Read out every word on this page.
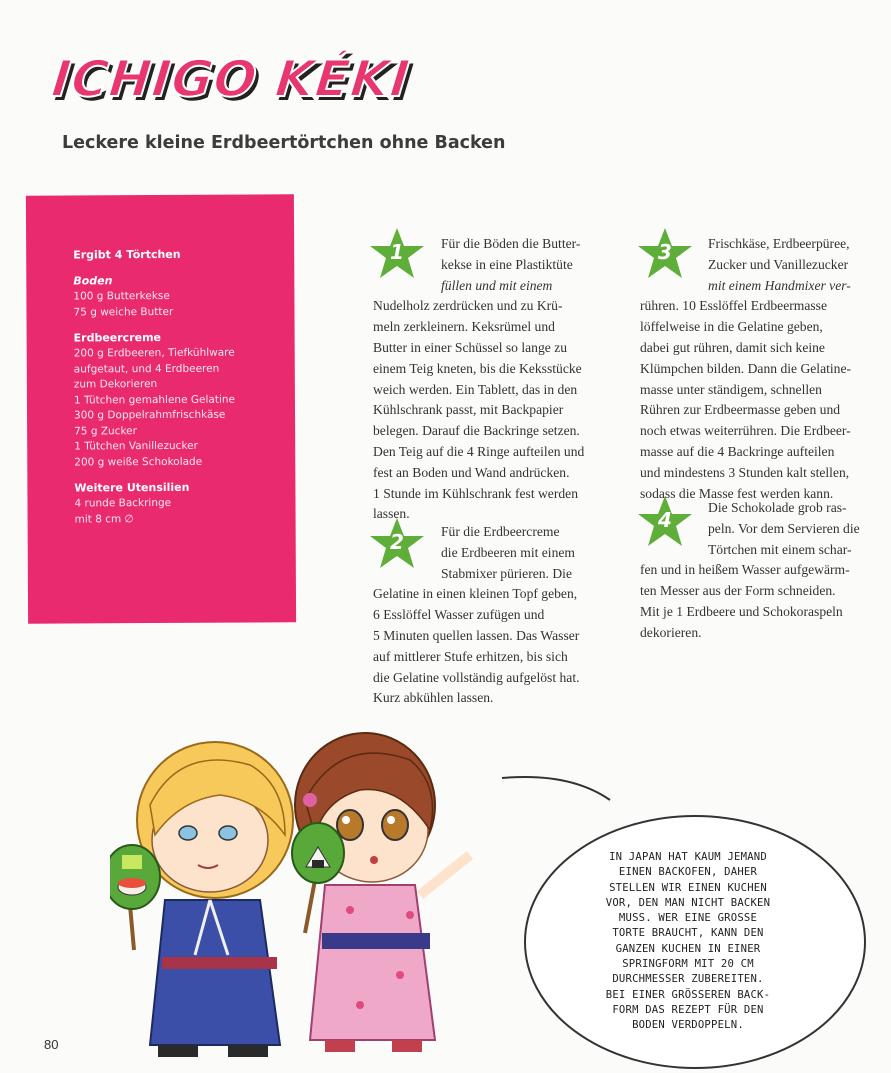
ICHIGO KÉKI
Leckere kleine Erdbeertörtchen ohne Backen
Ergibt 4 Törtchen
Boden
100 g Butterkekse
75 g weiche Butter
Erdbeercreme
200 g Erdbeeren, Tiefkühlware
aufgetaut, und 4 Erdbeeren
zum Dekorieren
1 Tütchen gemahlene Gelatine
300 g Doppelrahmfrischkäse
75 g Zucker
1 Tütchen Vanillezucker
200 g weiße Schokolade
Weitere Utensilien
4 runde Backringe
mit 8 cm ∅
1	Für die Böden die Butter-
kekse in eine Plastiktüte
füllen und mit einem
Nudelholz zerdrücken und zu Krü-
meln zerkleinern. Keksrümel und
Butter in einer Schüssel so lange zu
einem Teig kneten, bis die Keksstücke
weich werden. Ein Tablett, das in den
Kühlschrank passt, mit Backpapier
belegen. Darauf die Backringe setzen.
Den Teig auf die 4 Ringe aufteilen und
fest an Boden und Wand andrücken.
1 Stunde im Kühlschrank fest werden
lassen.
2	Für die Erdbeercreme
die Erdbeeren mit einem
Stabmixer pürieren. Die
Gelatine in einen kleinen Topf geben,
6 Esslöffel Wasser zufügen und
5 Minuten quellen lassen. Das Wasser
auf mittlerer Stufe erhitzen, bis sich
die Gelatine vollständig aufgelöst hat.
Kurz abkühlen lassen.
3	Frischkäse, Erdbeerpüree,
Zucker und Vanillezucker
mit einem Handmixer ver-
rühren. 10 Esslöffel Erdbeermasse
löffelweise in die Gelatine geben,
dabei gut rühren, damit sich keine
Klümpchen bilden. Dann die Gelatine-
masse unter ständigem, schnellen
Rühren zur Erdbeermasse geben und
noch etwas weiterrühren. Die Erdbeer-
masse auf die 4 Backringe aufteilen
und mindestens 3 Stunden kalt stellen,
sodass die Masse fest werden kann.
4
Die Schokolade grob ras-
peln. Vor dem Servieren die
Törtchen mit einem schar-
fen und in heißem Wasser aufgewärm-
ten Messer aus der Form schneiden.
Mit je 1 Erdbeere und Schokoraspeln
dekorieren.
IN JAPAN HAT KAUM JEMAND
EINEN BACKOFEN, DAHER
STELLEN WIR EINEN KUCHEN
VOR, DEN MAN NICHT BACKEN
MUSS. WER EINE GROSSE
TORTE BRAUCHT, KANN DEN
GANZEN KUCHEN IN EINER
SPRINGFORM MIT 20 CM
DURCHMESSER ZUBEREITEN.
BEI EINER GRÖSSEREN BACK-
FORM DAS REZEPT FÜR DEN
BODEN VERDOPPELN.
80
